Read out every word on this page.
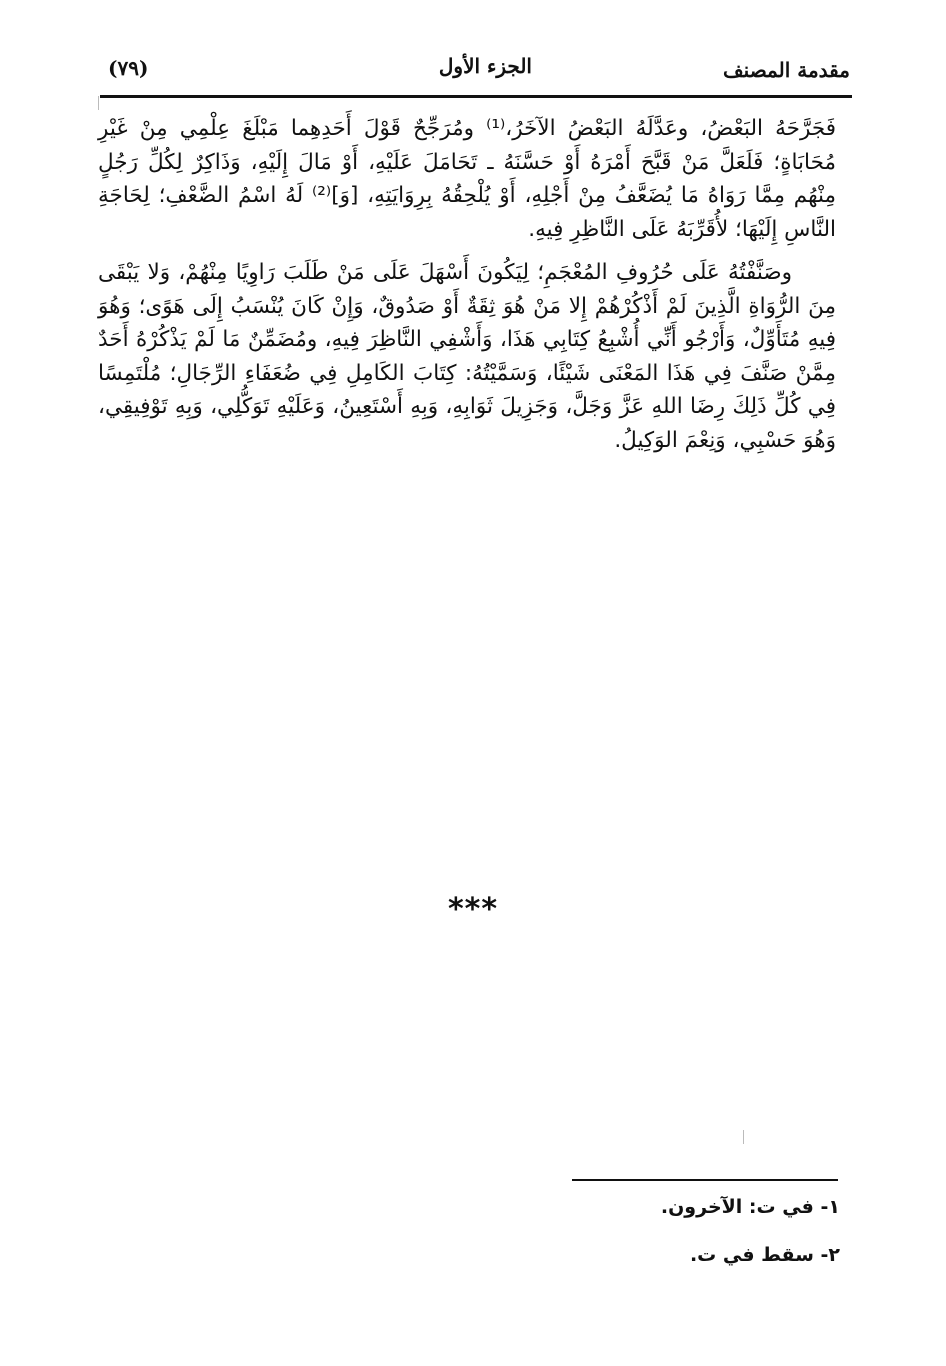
مقدمة المصنف
الجزء الأول
(٧٩)

فَجَرَّحَهُ البَعْضُ، وعَدَّلَهُ البَعْضُ الآخَرُ،⁽¹⁾ ومُرَجِّحٌ قَوْلَ أَحَدِهِما مَبْلَغَ عِلْمِي مِنْ غَيْرِ مُحَابَاةٍ؛ فَلَعَلَّ مَنْ قَبَّحَ أَمْرَهُ أَوْ حَسَّنَهُ ـ تَحَامَلَ عَلَيْهِ، أَوْ مَالَ إِلَيْهِ، وَذَاكِرٌ لِكُلِّ رَجُلٍ مِنْهُم مِمَّا رَوَاهُ مَا يُضَعَّفُ مِنْ أَجْلِهِ، أَوْ يُلْحِقُهُ بِرِوَايَتِهِ، [وَ]⁽²⁾ لَهُ اسْمُ الضَّعْفِ؛ لِحَاجَةِ النَّاسِ إِلَيْهَا؛ لأُقَرِّبَهُ عَلَى النَّاظِرِ فِيهِ.

وصَنَّفْتُهُ عَلَى حُرُوفِ المُعْجَمِ؛ لِيَكُونَ أَسْهَلَ عَلَى مَنْ طَلَبَ رَاوِيًا مِنْهُمْ، وَلا يَبْقَى مِنَ الرُّوَاةِ الَّذِينَ لَمْ أَذْكُرْهُمْ إِلا مَنْ هُوَ ثِقَةٌ أَوْ صَدُوقٌ، وَإِنْ كَانَ يُنْسَبُ إِلَى هَوًى؛ وَهُوَ فِيهِ مُتَأَوِّلٌ، وَأَرْجُو أَنِّي أُشْبِعُ كِتَابِي هَذَا، وَأَشْفِي النَّاظِرَ فِيهِ، ومُضَمِّنٌ مَا لَمْ يَذْكُرْهُ أَحَدٌ مِمَّنْ صَنَّفَ فِي هَذَا المَعْنَى شَيْئًا، وَسَمَّيْتُهُ: كِتَابَ الكَامِلِ فِي ضُعَفَاءِ الرِّجَالِ؛ مُلْتَمِسًا فِي كُلِّ ذَلِكَ رِضَا اللهِ عَزَّ وَجَلَّ، وَجَزِيلَ ثَوَابِهِ، وَبِهِ أَسْتَعِينُ، وَعَلَيْهِ تَوَكُّلِي، وَبِهِ تَوْفِيقِي، وَهُوَ حَسْبِي، وَنِعْمَ الوَكِيلُ.

***
١- في ت: الآخرون.
٢- سقط في ت.
